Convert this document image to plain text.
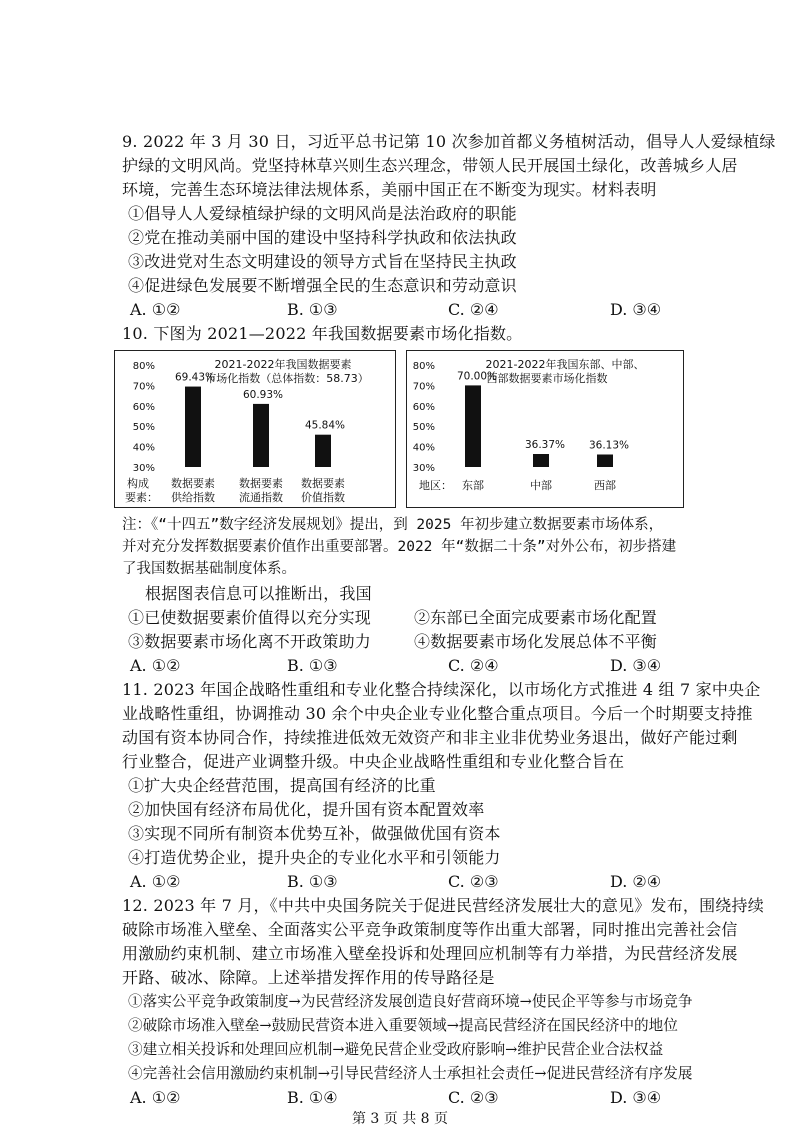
9. 2022 年 3 月 30 日，习近平总书记第 10 次参加首都义务植树活动，倡导人人爱绿植绿
护绿的文明风尚。党坚持林草兴则生态兴理念，带领人民开展国土绿化，改善城乡人居
环境，完善生态环境法律法规体系，美丽中国正在不断变为现实。材料表明
①倡导人人爱绿植绿护绿的文明风尚是法治政府的职能
②党在推动美丽中国的建设中坚持科学执政和依法执政
③改进党对生态文明建设的领导方式旨在坚持民主执政
④促进绿色发展要不断增强全民的生态意识和劳动意识
A. ①②	B. ①③	C. ②④	D. ③④
10. 下图为 2021—2022 年我国数据要素市场化指数。
2021-2022年我国数据要素
市场化指数（总体指数：58.73）
80%
70%
60%
50%
40%
30%
69.43%
60.93%
45.84%
构成
要素：
数据要素
供给指数
数据要素
流通指数
数据要素
价值指数
2021-2022年我国东部、中部、
西部数据要素市场化指数
80%
70%
60%
50%
40%
30%
70.00%
36.37% 36.13%
地区： 东部	中部	西部
注：《“十四五”数字经济发展规划》提出，到 2025 年初步建立数据要素市场体系，
并对充分发挥数据要素价值作出重要部署。2022 年“数据二十条”对外公布，初步搭建
了我国数据基础制度体系。
根据图表信息可以推断出，我国
①已使数据要素价值得以充分实现	②东部已全面完成要素市场化配置
③数据要素市场化离不开政策助力	④数据要素市场化发展总体不平衡
A. ①②	B. ①③	C. ②④	D. ③④
11. 2023 年国企战略性重组和专业化整合持续深化，以市场化方式推进 4 组 7 家中央企
业战略性重组，协调推动 30 余个中央企业专业化整合重点项目。今后一个时期要支持推
动国有资本协同合作，持续推进低效无效资产和非主业非优势业务退出，做好产能过剩
行业整合，促进产业调整升级。中央企业战略性重组和专业化整合旨在
①扩大央企经营范围，提高国有经济的比重
②加快国有经济布局优化，提升国有资本配置效率
③实现不同所有制资本优势互补，做强做优国有资本
④打造优势企业，提升央企的专业化水平和引领能力
A. ①②	B. ①③	C. ②③	D. ②④
12. 2023 年 7 月，《中共中央国务院关于促进民营经济发展壮大的意见》发布，围绕持续
破除市场准入壁垒、全面落实公平竞争政策制度等作出重大部署，同时推出完善社会信
用激励约束机制、建立市场准入壁垒投诉和处理回应机制等有力举措，为民营经济发展
开路、破冰、除障。上述举措发挥作用的传导路径是
①落实公平竞争政策制度→为民营经济发展创造良好营商环境→使民企平等参与市场竞争
②破除市场准入壁垒→鼓励民营资本进入重要领域→提高民营经济在国民经济中的地位
③建立相关投诉和处理回应机制→避免民营企业受政府影响→维护民营企业合法权益
④完善社会信用激励约束机制→引导民营经济人士承担社会责任→促进民营经济有序发展
A. ①②	B. ①④	C. ②③	D. ③④
第 3 页 共 8 页
